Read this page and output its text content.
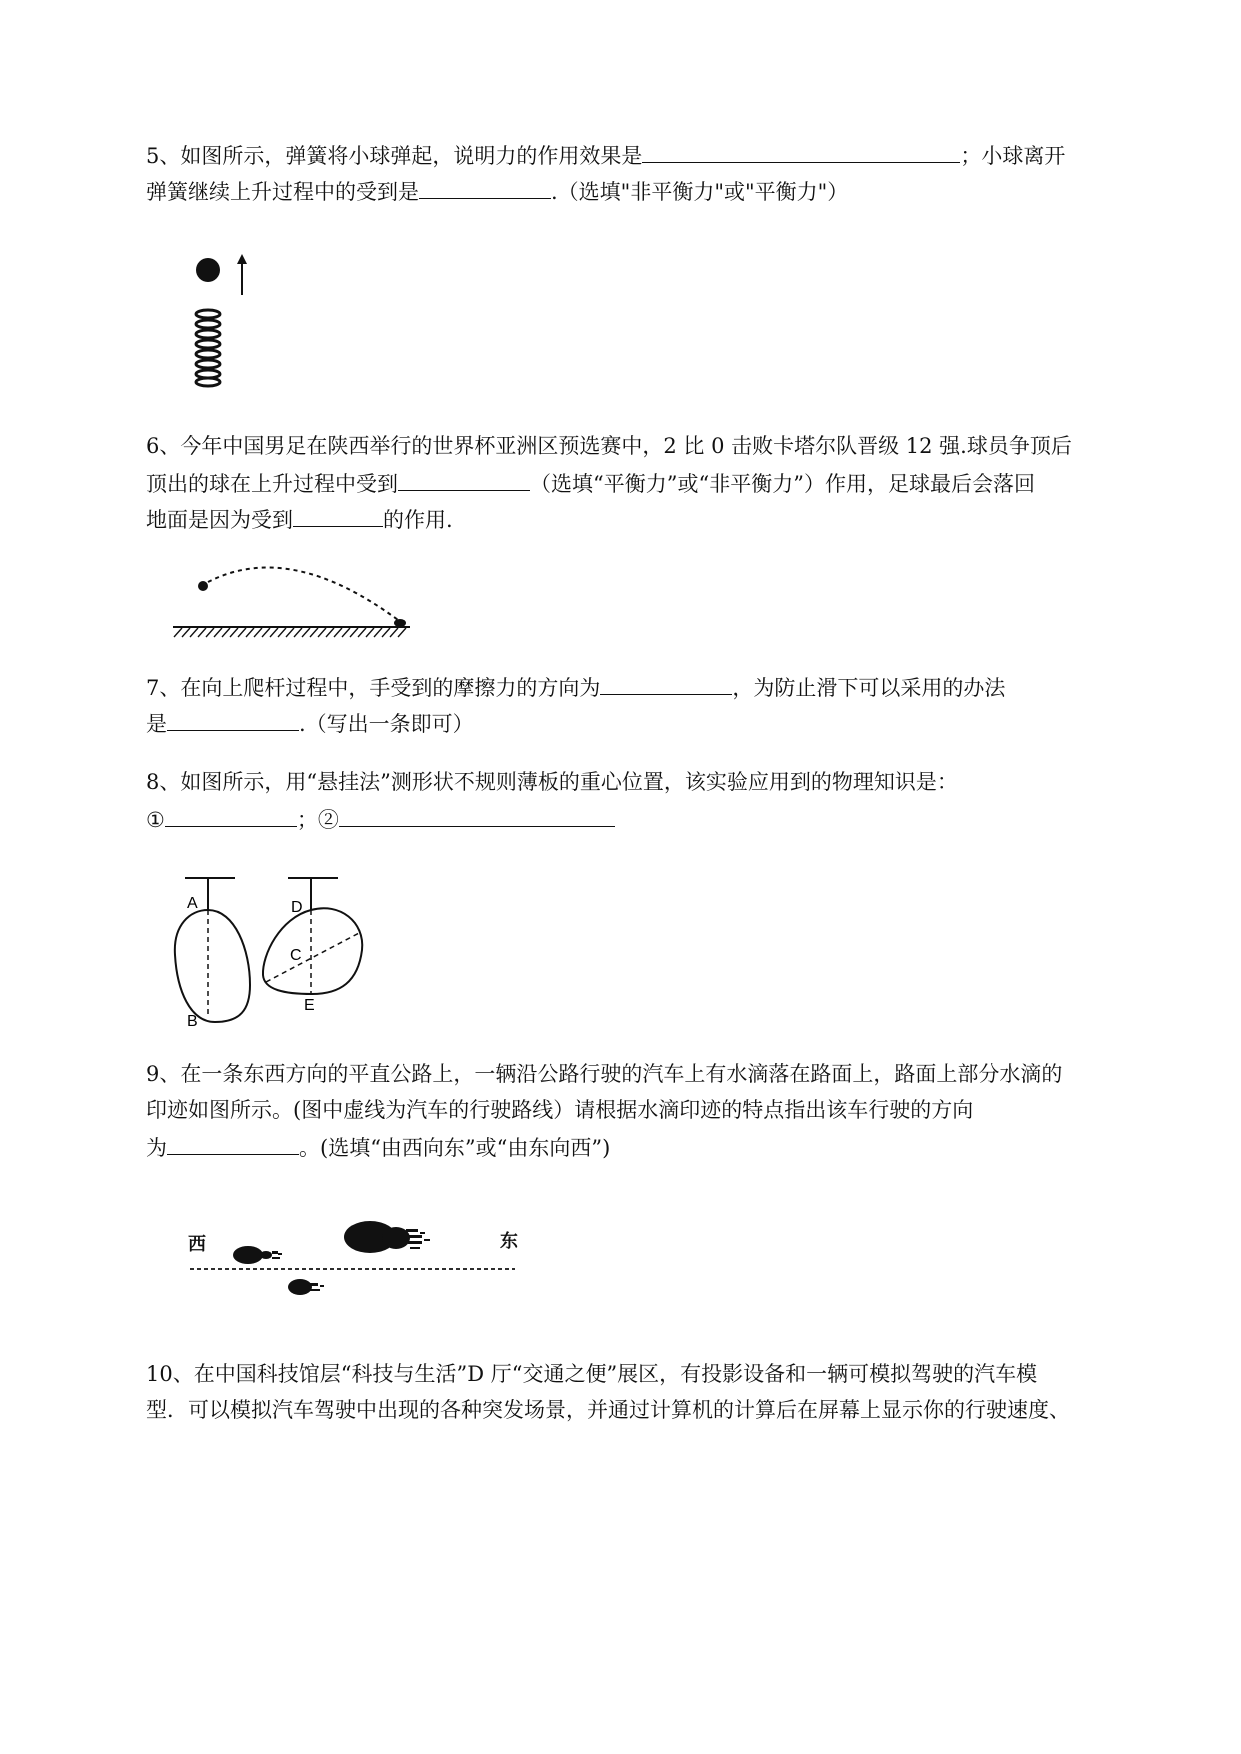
5、如图所示，弹簧将小球弹起，说明力的作用效果是	；小球离开
弹簧继续上升过程中的受到是	.（选填"非平衡力"或"平衡力"）
6、今年中国男足在陕西举行的世界杯亚洲区预选赛中，2 比 0 击败卡塔尔队晋级 12 强.球员争顶后
顶出的球在上升过程中受到	（选填“平衡力”或“非平衡力”）作用，足球最后会落回
地面是因为受到	的作用.
7、在向上爬杆过程中，手受到的摩擦力的方向为	，为防止滑下可以采用的办法
是	.（写出一条即可）
8、如图所示，用“悬挂法”测形状不规则薄板的重心位置，该实验应用到的物理知识是：
①	；②
A
B
D
C
E
9、在一条东西方向的平直公路上，一辆沿公路行驶的汽车上有水滴落在路面上，路面上部分水滴的
印迹如图所示。(图中虚线为汽车的行驶路线）请根据水滴印迹的特点指出该车行驶的方向
为	。(选填“由西向东”或“由东向西”)
西	东
10、在中国科技馆层“科技与生活”D 厅“交通之便”展区，有投影设备和一辆可模拟驾驶的汽车模
型．可以模拟汽车驾驶中出现的各种突发场景，并通过计算机的计算后在屏幕上显示你的行驶速度、
